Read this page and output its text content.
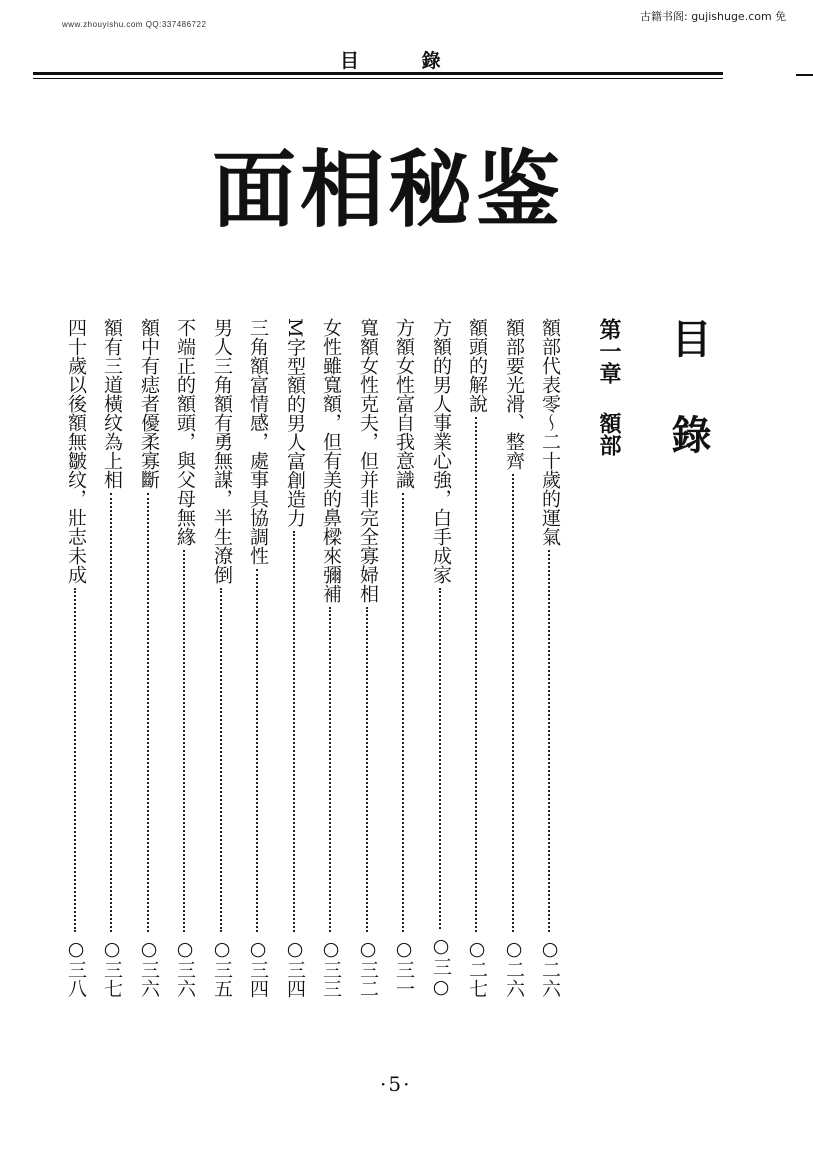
www.zhouyishu.com QQ:337486722
古籍书阁: gujishuge.com 免
目 錄
面相秘鉴
目錄
第一章額部
額部代表零～二十歲的運氣
○二六
額部要光滑、整齊
○二六
額頭的解說
○二七
方額的男人事業心強，白手成家
○三○
方額女性富自我意識
○三一
寬額女性克夫，但并非完全寡婦相
○三二
女性雖寬額，但有美的鼻樑來彌補
○三三
M字型額的男人富創造力
○三四
三角額富情感，處事具協調性
○三四
男人三角額有勇無謀，半生潦倒
○三五
不端正的額頭，與父母無緣
○三六
額中有痣者優柔寡斷
○三六
額有三道橫纹為上相
○三七
四十歲以後額無皺纹，壯志未成
○三八
·5·
